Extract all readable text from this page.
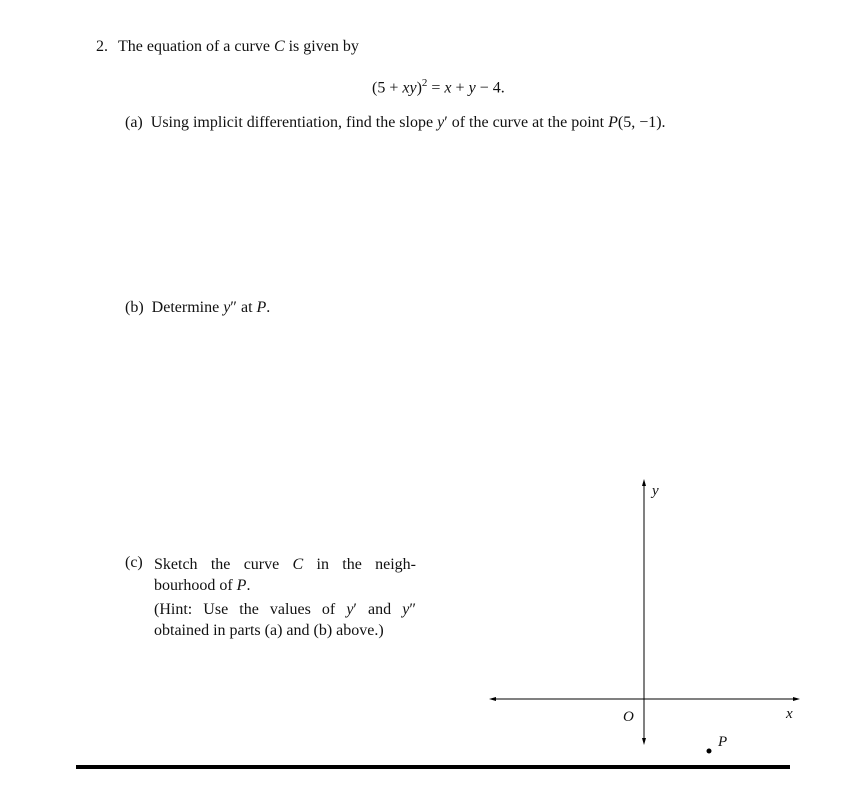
2. The equation of a curve C is given by
(5 + xy)$^2$ = x + y − 4.
(a)  Using implicit differentiation, find the slope y′ of the curve at the point P(5, −1).
(b)  Determine y″ at P.
(c) Sketch the curve C in the neigh-
bourhood of P.
(Hint: Use the values of y′ and y″
obtained in parts (a) and (b) above.)
y
x
O
P
